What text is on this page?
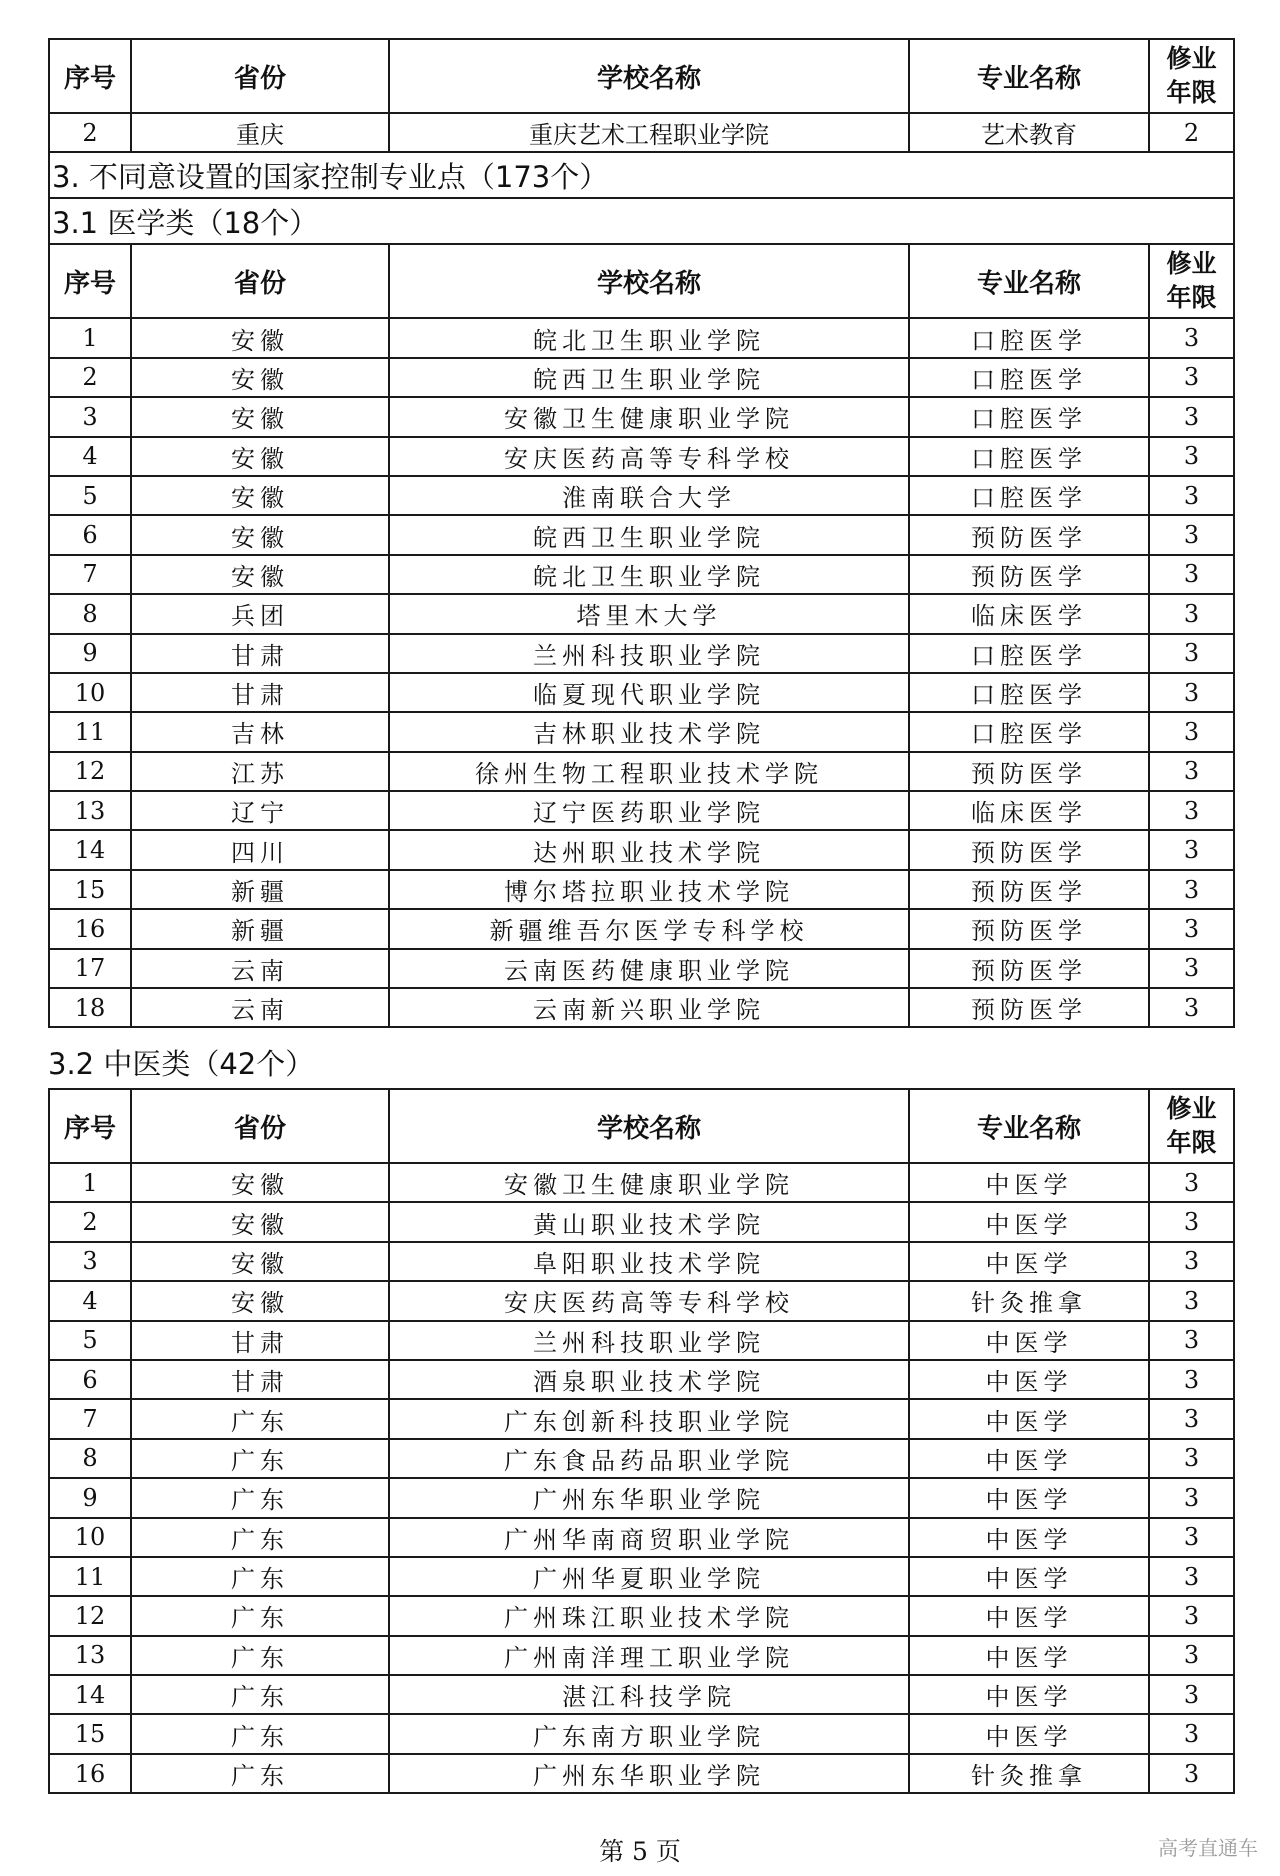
序号	省份	学校名称	专业名称	修业
年限
2	重庆	重庆艺术工程职业学院	艺术教育	2
3. 不同意设置的国家控制专业点（173个）				
3.1 医学类（18个）				
序号	省份	学校名称	专业名称	修业
年限
1	安徽	皖北卫生职业学院	口腔医学	3
2	安徽	皖西卫生职业学院	口腔医学	3
3	安徽	安徽卫生健康职业学院	口腔医学	3
4	安徽	安庆医药高等专科学校	口腔医学	3
5	安徽	淮南联合大学	口腔医学	3
6	安徽	皖西卫生职业学院	预防医学	3
7	安徽	皖北卫生职业学院	预防医学	3
8	兵团	塔里木大学	临床医学	3
9	甘肃	兰州科技职业学院	口腔医学	3
10	甘肃	临夏现代职业学院	口腔医学	3
11	吉林	吉林职业技术学院	口腔医学	3
12	江苏	徐州生物工程职业技术学院	预防医学	3
13	辽宁	辽宁医药职业学院	临床医学	3
14	四川	达州职业技术学院	预防医学	3
15	新疆	博尔塔拉职业技术学院	预防医学	3
16	新疆	新疆维吾尔医学专科学校	预防医学	3
17	云南	云南医药健康职业学院	预防医学	3
18	云南	云南新兴职业学院	预防医学	3
3.2 中医类（42个）
序号	省份	学校名称	专业名称	修业
年限
1	安徽	安徽卫生健康职业学院	中医学	3
2	安徽	黄山职业技术学院	中医学	3
3	安徽	阜阳职业技术学院	中医学	3
4	安徽	安庆医药高等专科学校	针灸推拿	3
5	甘肃	兰州科技职业学院	中医学	3
6	甘肃	酒泉职业技术学院	中医学	3
7	广东	广东创新科技职业学院	中医学	3
8	广东	广东食品药品职业学院	中医学	3
9	广东	广州东华职业学院	中医学	3
10	广东	广州华南商贸职业学院	中医学	3
11	广东	广州华夏职业学院	中医学	3
12	广东	广州珠江职业技术学院	中医学	3
13	广东	广州南洋理工职业学院	中医学	3
14	广东	湛江科技学院	中医学	3
15	广东	广东南方职业学院	中医学	3
16	广东	广州东华职业学院	针灸推拿	3
第 5 页	高考直通车
